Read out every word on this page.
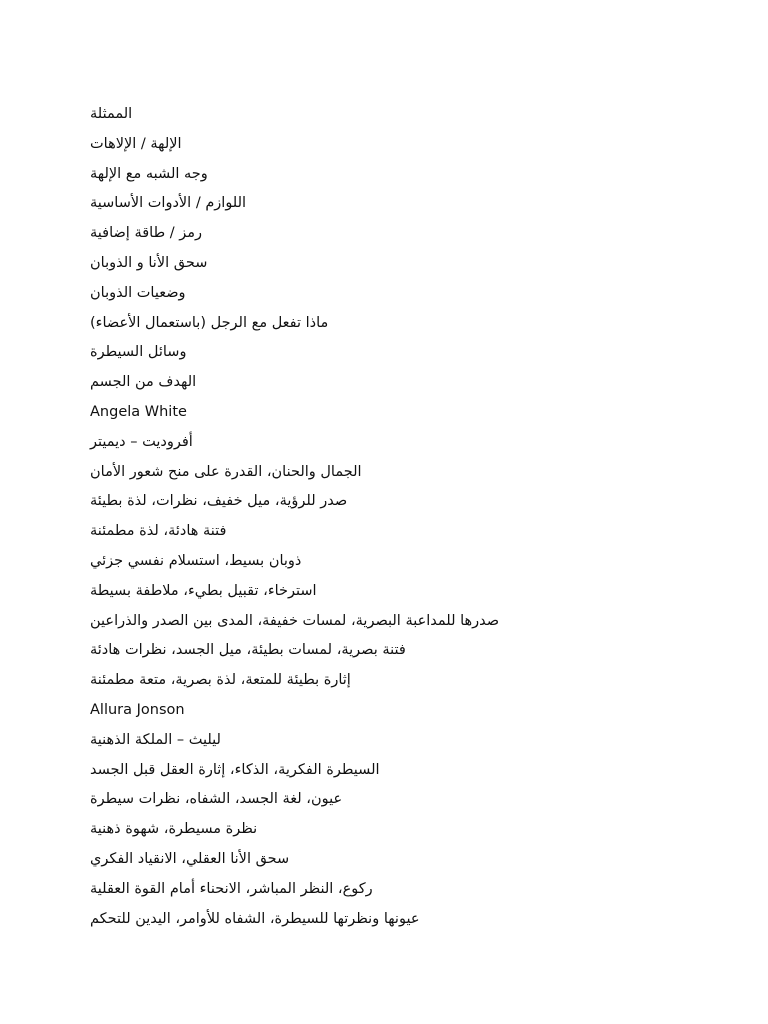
الممثلة
الإلهة / الإلاهات
وجه الشبه مع الإلهة
اللوازم / الأدوات الأساسية
رمز / طاقة إضافية
سحق الأنا و الذوبان
وضعيات الذوبان
ماذا تفعل مع الرجل (باستعمال الأعضاء)
وسائل السيطرة
الهدف من الجسم
Angela White
أفروديت – ديميتر
الجمال والحنان، القدرة على منح شعور الأمان
صدر للرؤية، ميل خفيف، نظرات، لذة بطيئة
فتنة هادئة، لذة مطمئنة
ذوبان بسيط، استسلام نفسي جزئي
استرخاء، تقبيل بطيء، ملاطفة بسيطة
صدرها للمداعبة البصرية، لمسات خفيفة، المدى بين الصدر والذراعين
فتنة بصرية، لمسات بطيئة، ميل الجسد، نظرات هادئة
إثارة بطيئة للمتعة، لذة بصرية، متعة مطمئنة
Allura Jonson
ليليث – الملكة الذهنية
السيطرة الفكرية، الذكاء، إثارة العقل قبل الجسد
عيون، لغة الجسد، الشفاه، نظرات سيطرة
نظرة مسيطرة، شهوة ذهنية
سحق الأنا العقلي، الانقياد الفكري
ركوع، النظر المباشر، الانحناء أمام القوة العقلية
عيونها ونظرتها للسيطرة، الشفاه للأوامر، اليدين للتحكم
